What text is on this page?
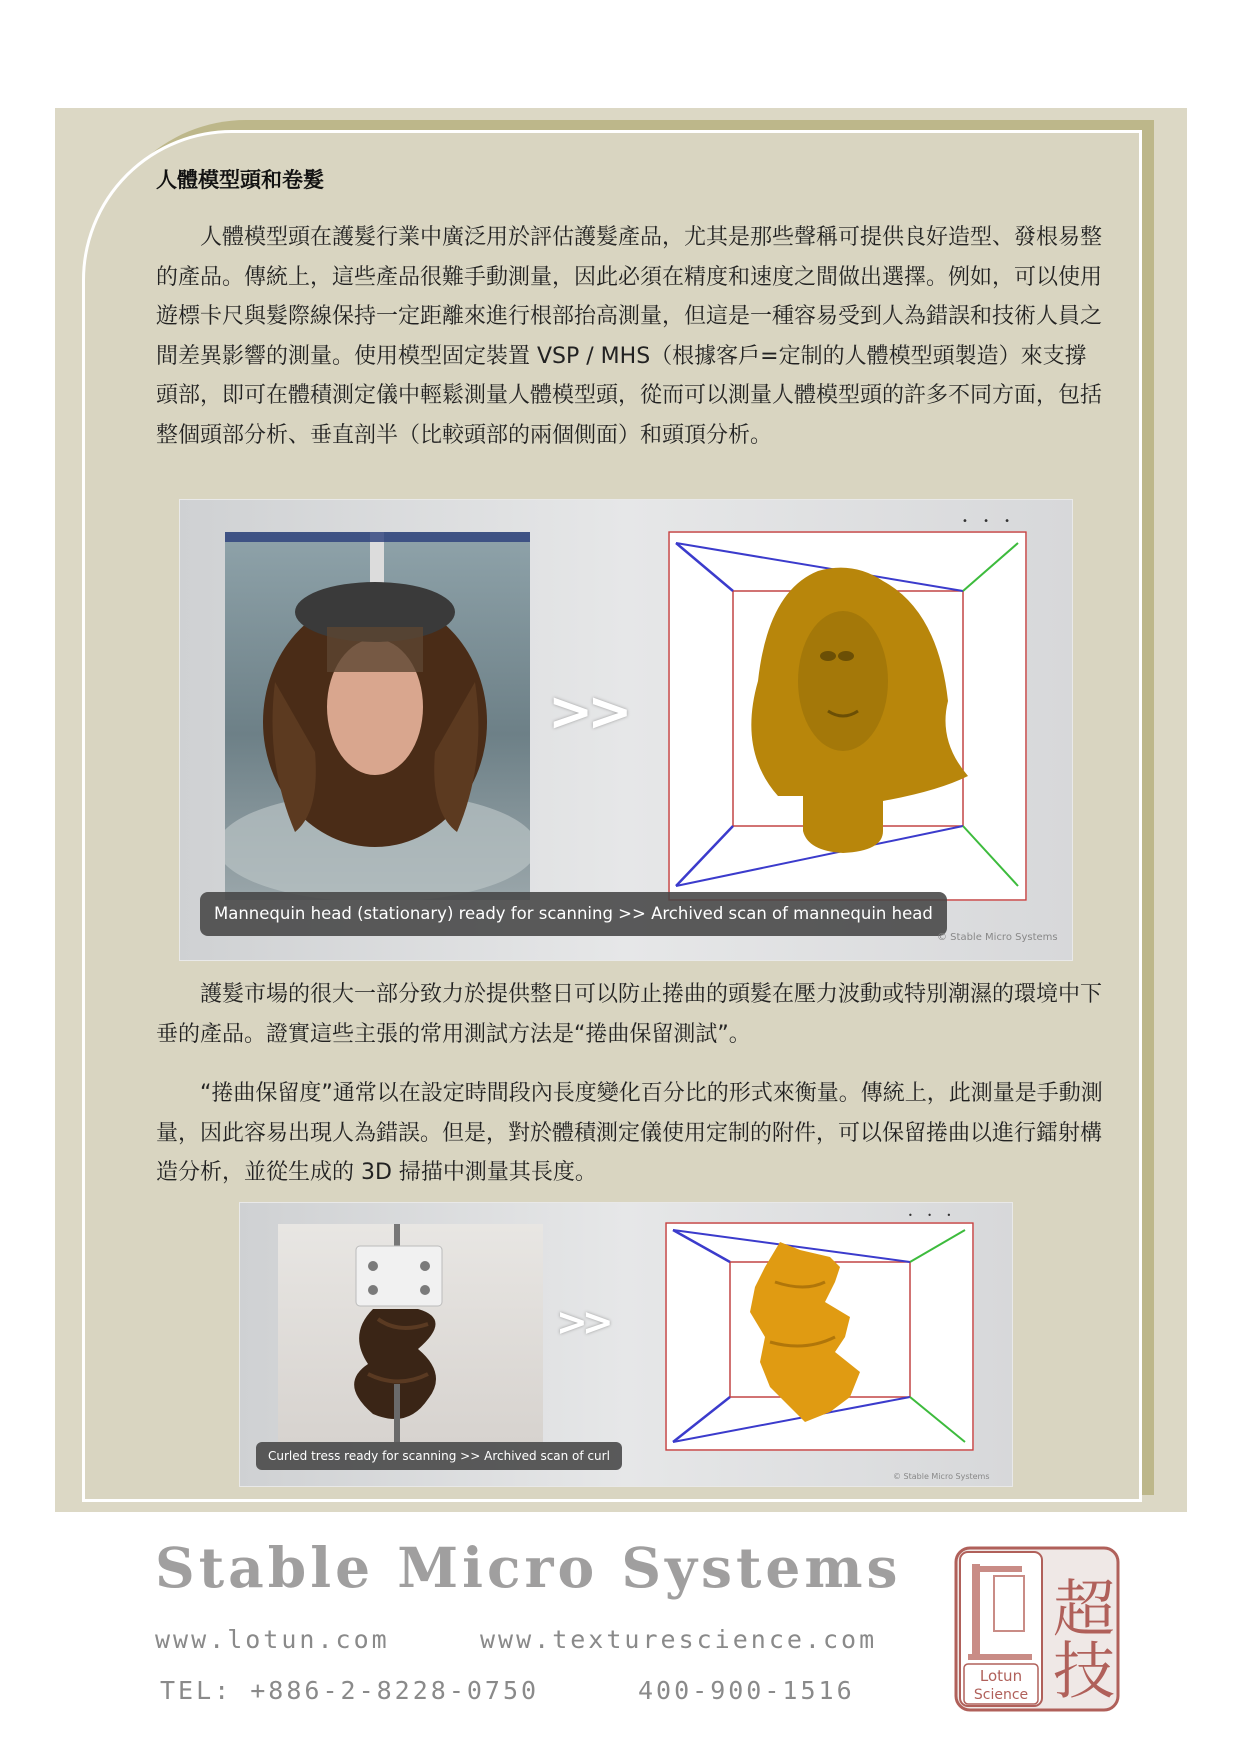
人體模型頭和卷髮

人體模型頭在護髮行業中廣泛用於評估護髮產品，尤其是那些聲稱可提供良好造型、發根易整的產品。傳統上，這些產品很難手動測量，因此必須在精度和速度之間做出選擇。例如，可以使用遊標卡尺與髮際線保持一定距離來進行根部抬高測量，但這是一種容易受到人為錯誤和技術人員之間差異影響的測量。使用模型固定裝置 VSP / MHS（根據客戶=定制的人體模型頭製造）來支撐頭部，即可在體積測定儀中輕鬆測量人體模型頭，從而可以測量人體模型頭的許多不同方面，包括整個頭部分析、垂直剖半（比較頭部的兩個側面）和頭頂分析。

>>
• • •
Mannequin head (stationary) ready for scanning >> Archived scan of mannequin head
© Stable Micro Systems

護髮市場的很大一部分致力於提供整日可以防止捲曲的頭髮在壓力波動或特別潮濕的環境中下垂的產品。證實這些主張的常用測試方法是“捲曲保留測試”。

“捲曲保留度”通常以在設定時間段內長度變化百分比的形式來衡量。傳統上，此測量是手動測量，因此容易出現人為錯誤。但是，對於體積測定儀使用定制的附件，可以保留捲曲以進行鐳射構造分析，並從生成的 3D 掃描中測量其長度。

>>
• • •
Curled tress ready for scanning >> Archived scan of curl
© Stable Micro Systems
Stable Micro Systems
www.lotun.com	www.texturescience.com
TEL: +886-2-8228-0750	400-900-1516	Lotun
Science 超技
